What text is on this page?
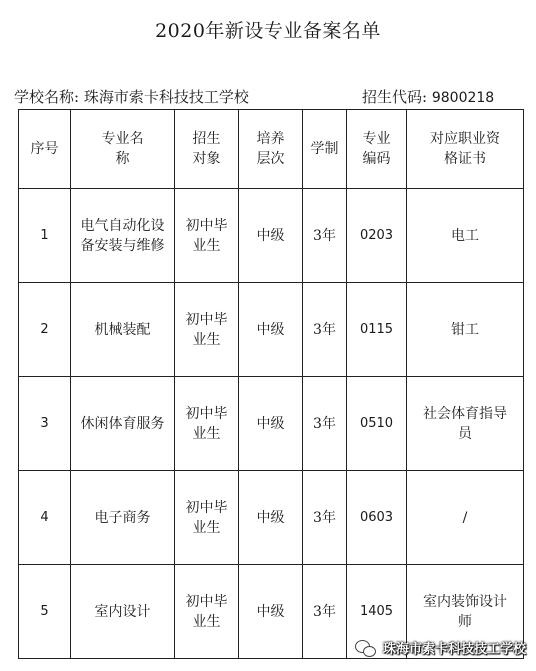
2020年新设专业备案名单
学校名称: 珠海市索卡科技技工学校	招生代码: 9800218
序号	专业名称	招生对象	培养层次	学制	专业编码	对应职业资格证书
1	电气自动化设备安装与维修	初中毕业生	中级	3年	0203	电工
2	机械装配	初中毕业生	中级	3年	0115	钳工
3	休闲体育服务	初中毕业生	中级	3年	0510	社会体育指导员
4	电子商务	初中毕业生	中级	3年	0603	/
5	室内设计	初中毕业生	中级	3年	1405	室内装饰设计师
珠海市索卡科技技工学校
